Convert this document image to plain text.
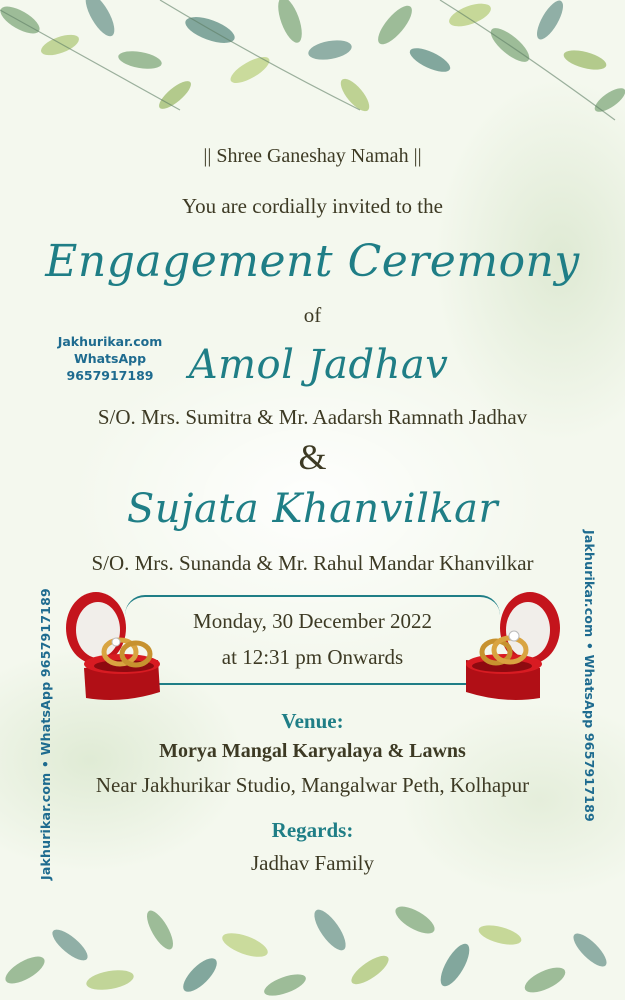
Jakhurikar.com
WhatsApp 9657917189
Jakhurikar.com • WhatsApp 9657917189	Jakhurikar.com • WhatsApp 9657917189
|| Shree Ganeshay Namah ||
You are cordially invited to the
Engagement Ceremony
of
Amol Jadhav
S/O. Mrs. Sumitra & Mr. Aadarsh Ramnath Jadhav
&
Sujata Khanvilkar
S/O. Mrs. Sunanda & Mr. Rahul Mandar Khanvilkar
Monday, 30 December 2022
at 12:31 pm Onwards
Venue:
Morya Mangal Karyalaya & Lawns
Near Jakhurikar Studio, Mangalwar Peth, Kolhapur
Regards:
Jadhav Family
